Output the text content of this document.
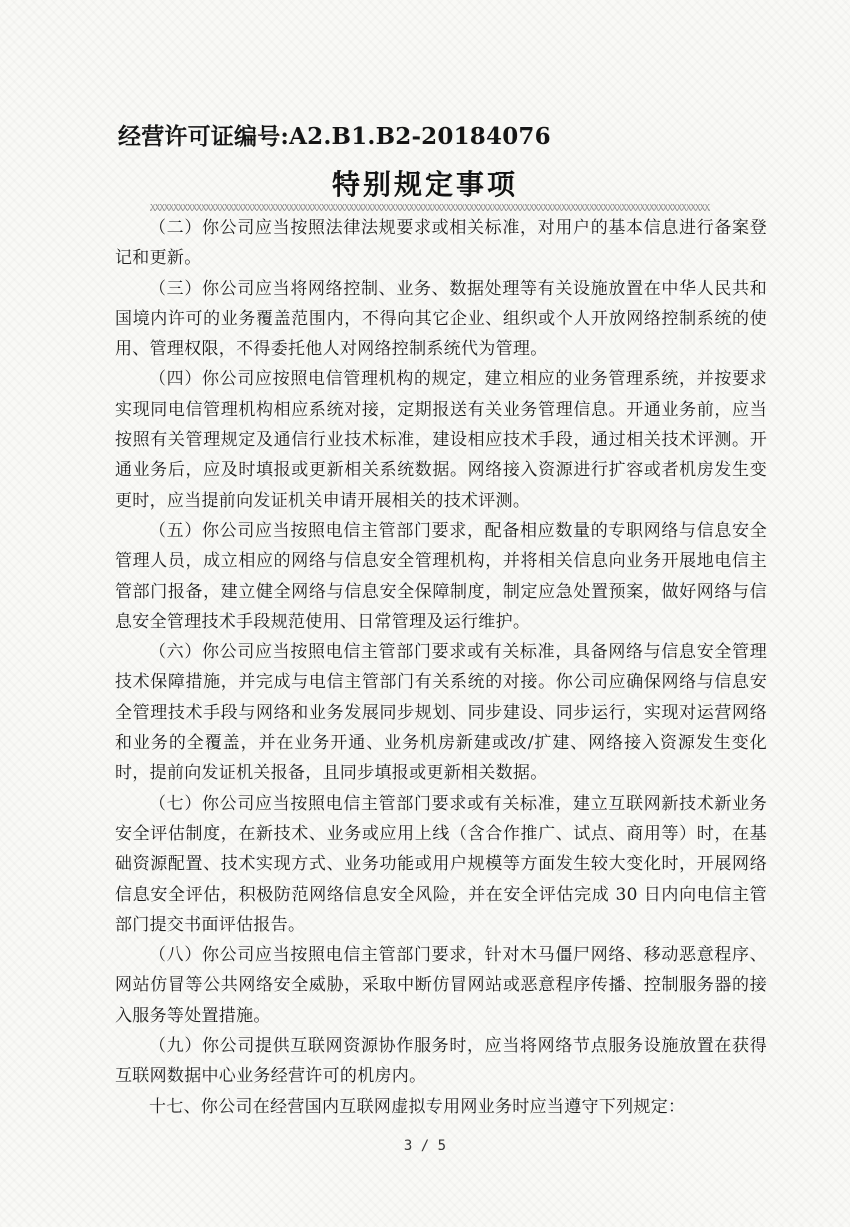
经营许可证编号:A2.B1.B2-20184076
特别规定事项

（二）你公司应当按照法律法规要求或相关标准，对用户的基本信息进行备案登记和更新。

（三）你公司应当将网络控制、业务、数据处理等有关设施放置在中华人民共和国境内许可的业务覆盖范围内，不得向其它企业、组织或个人开放网络控制系统的使用、管理权限，不得委托他人对网络控制系统代为管理。

（四）你公司应按照电信管理机构的规定，建立相应的业务管理系统，并按要求实现同电信管理机构相应系统对接，定期报送有关业务管理信息。开通业务前，应当按照有关管理规定及通信行业技术标准，建设相应技术手段，通过相关技术评测。开通业务后，应及时填报或更新相关系统数据。网络接入资源进行扩容或者机房发生变更时，应当提前向发证机关申请开展相关的技术评测。

（五）你公司应当按照电信主管部门要求，配备相应数量的专职网络与信息安全管理人员，成立相应的网络与信息安全管理机构，并将相关信息向业务开展地电信主管部门报备，建立健全网络与信息安全保障制度，制定应急处置预案，做好网络与信息安全管理技术手段规范使用、日常管理及运行维护。

（六）你公司应当按照电信主管部门要求或有关标准，具备网络与信息安全管理技术保障措施，并完成与电信主管部门有关系统的对接。你公司应确保网络与信息安全管理技术手段与网络和业务发展同步规划、同步建设、同步运行，实现对运营网络和业务的全覆盖，并在业务开通、业务机房新建或改/扩建、网络接入资源发生变化时，提前向发证机关报备，且同步填报或更新相关数据。

（七）你公司应当按照电信主管部门要求或有关标准，建立互联网新技术新业务安全评估制度，在新技术、业务或应用上线（含合作推广、试点、商用等）时，在基础资源配置、技术实现方式、业务功能或用户规模等方面发生较大变化时，开展网络信息安全评估，积极防范网络信息安全风险，并在安全评估完成 30 日内向电信主管部门提交书面评估报告。

（八）你公司应当按照电信主管部门要求，针对木马僵尸网络、移动恶意程序、网站仿冒等公共网络安全威胁，采取中断仿冒网站或恶意程序传播、控制服务器的接入服务等处置措施。

（九）你公司提供互联网资源协作服务时，应当将网络节点服务设施放置在获得互联网数据中心业务经营许可的机房内。

十七、你公司在经营国内互联网虚拟专用网业务时应当遵守下列规定：

3 / 5
